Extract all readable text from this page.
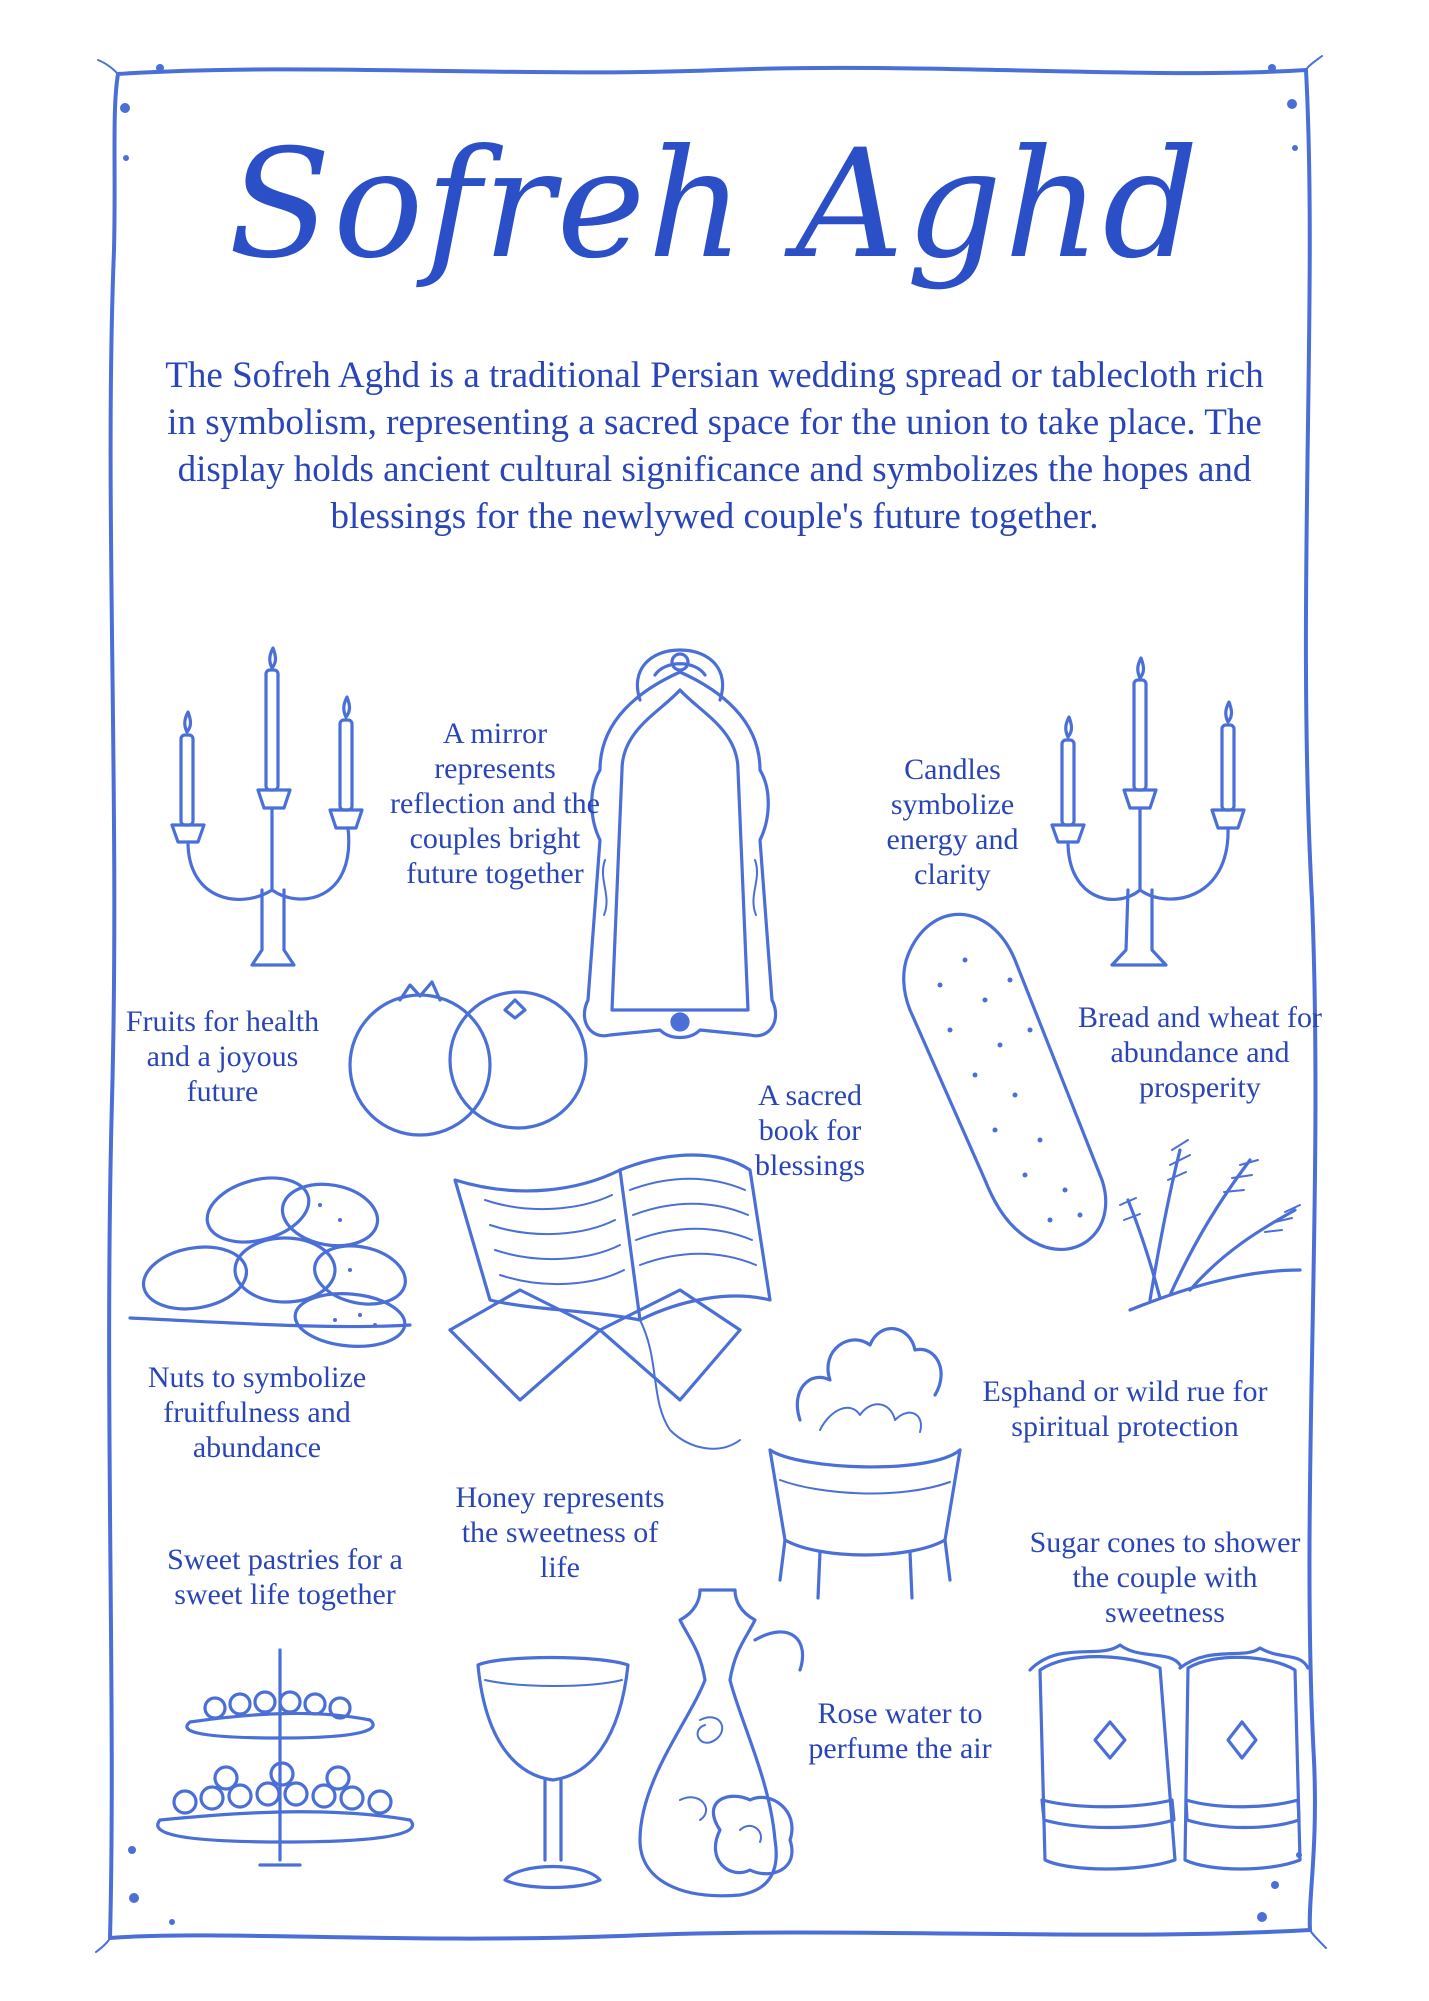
Sofreh Aghd
The Sofreh Aghd is a traditional Persian wedding spread or tablecloth rich in symbolism, representing a sacred space for the union to take place. The display holds ancient cultural significance and symbolizes the hopes and blessings for the newlywed couple's future together.
A mirror represents reflection and the couples bright future together
Candles symbolize energy and clarity
Fruits for health and a joyous future
Bread and wheat for abundance and prosperity
A sacred book for blessings
Nuts to symbolize fruitfulness and abundance
Esphand or wild rue for spiritual protection
Honey represents the sweetness of life
Sweet pastries for a sweet life together
Sugar cones to shower the couple with sweetness
Rose water to perfume the air
